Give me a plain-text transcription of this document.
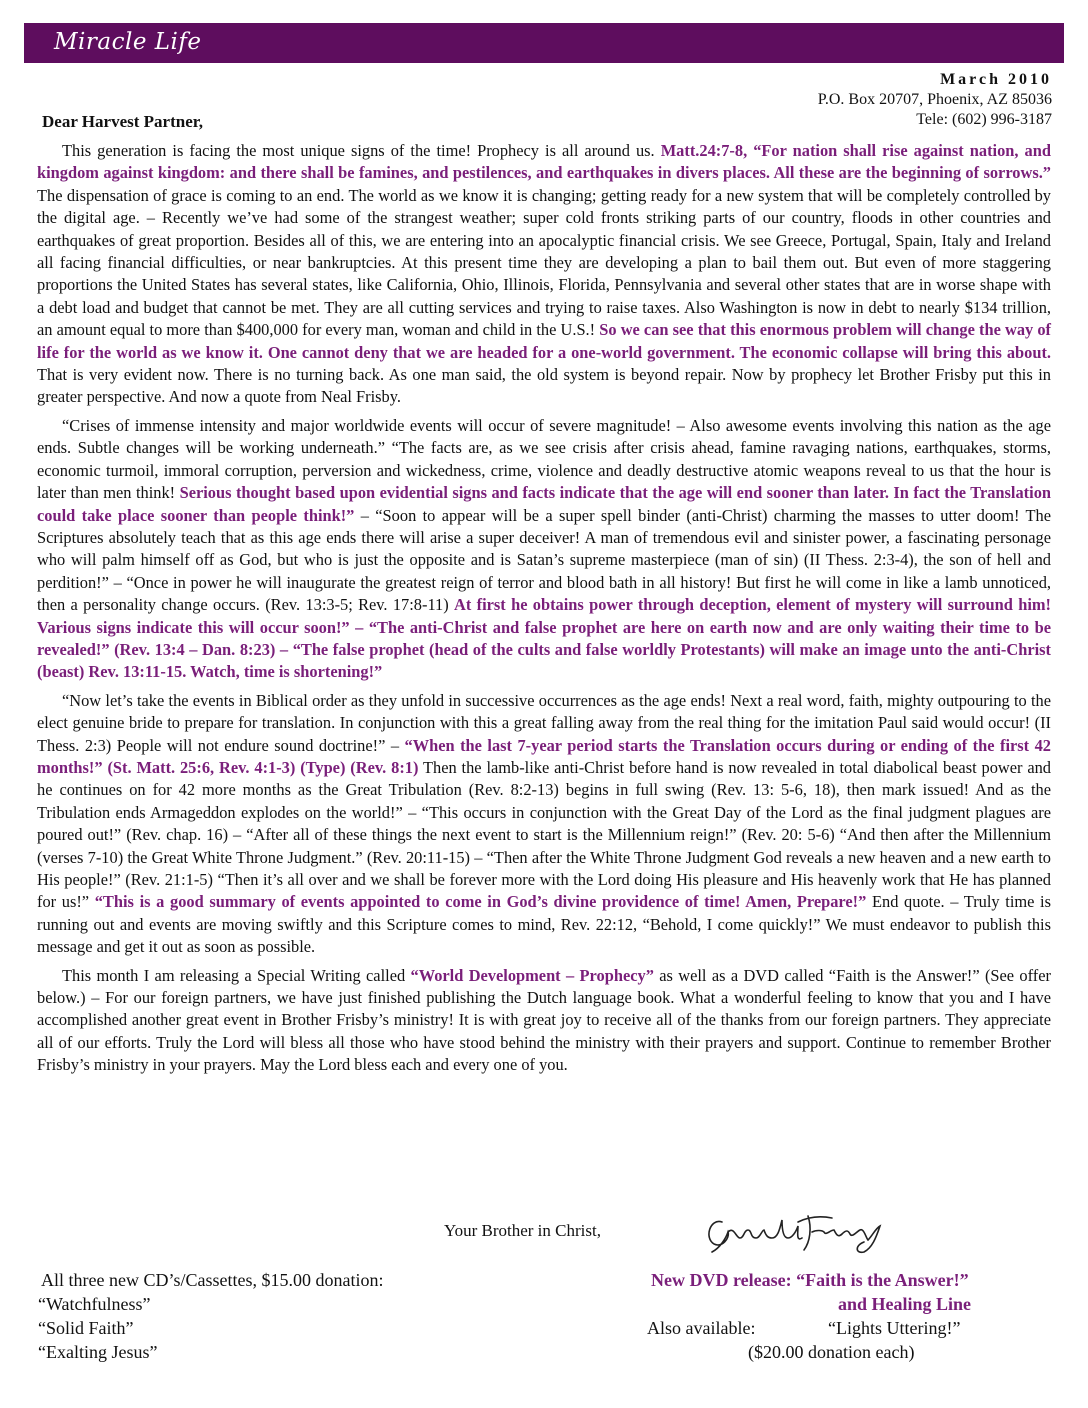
Miracle Life
March 2010
P.O. Box 20707, Phoenix, AZ 85036
Tele: (602) 996-3187
Dear Harvest Partner,

This generation is facing the most unique signs of the time! Prophecy is all around us. Matt.24:7-8, “For nation shall rise against nation, and kingdom against kingdom: and there shall be famines, and pestilences, and earthquakes in divers places. All these are the beginning of sorrows.” The dispensation of grace is coming to an end. The world as we know it is changing; getting ready for a new system that will be completely controlled by the digital age. – Recently we’ve had some of the strangest weather; super cold fronts striking parts of our country, floods in other countries and earthquakes of great proportion. Besides all of this, we are entering into an apocalyptic financial crisis. We see Greece, Portugal, Spain, Italy and Ireland all facing financial difficulties, or near bankruptcies. At this present time they are developing a plan to bail them out. But even of more staggering proportions the United States has several states, like California, Ohio, Illinois, Florida, Pennsylvania and several other states that are in worse shape with a debt load and budget that cannot be met. They are all cutting services and trying to raise taxes. Also Washington is now in debt to nearly $134 trillion, an amount equal to more than $400,000 for every man, woman and child in the U.S.! So we can see that this enormous problem will change the way of life for the world as we know it. One cannot deny that we are headed for a one-world government. The economic collapse will bring this about. That is very evident now. There is no turning back. As one man said, the old system is beyond repair. Now by prophecy let Brother Frisby put this in greater perspective. And now a quote from Neal Frisby.

“Crises of immense intensity and major worldwide events will occur of severe magnitude! – Also awesome events involving this nation as the age ends. Subtle changes will be working underneath.” “The facts are, as we see crisis after crisis ahead, famine ravaging nations, earthquakes, storms, economic turmoil, immoral corruption, perversion and wickedness, crime, violence and deadly destructive atomic weapons reveal to us that the hour is later than men think! Serious thought based upon evidential signs and facts indicate that the age will end sooner than later. In fact the Translation could take place sooner than people think!” – “Soon to appear will be a super spell binder (anti-Christ) charming the masses to utter doom! The Scriptures absolutely teach that as this age ends there will arise a super deceiver! A man of tremendous evil and sinister power, a fascinating personage who will palm himself off as God, but who is just the opposite and is Satan’s supreme masterpiece (man of sin) (II Thess. 2:3-4), the son of hell and perdition!” – “Once in power he will inaugurate the greatest reign of terror and blood bath in all history! But first he will come in like a lamb unnoticed, then a personality change occurs. (Rev. 13:3-5; Rev. 17:8-11) At first he obtains power through deception, element of mystery will surround him! Various signs indicate this will occur soon!” – “The anti-Christ and false prophet are here on earth now and are only waiting their time to be revealed!” (Rev. 13:4 – Dan. 8:23) – “The false prophet (head of the cults and false worldly Protestants) will make an image unto the anti-Christ (beast) Rev. 13:11-15. Watch, time is shortening!”

“Now let’s take the events in Biblical order as they unfold in successive occurrences as the age ends! Next a real word, faith, mighty outpouring to the elect genuine bride to prepare for translation. In conjunction with this a great falling away from the real thing for the imitation Paul said would occur! (II Thess. 2:3) People will not endure sound doctrine!” – “When the last 7-year period starts the Translation occurs during or ending of the first 42 months!” (St. Matt. 25:6, Rev. 4:1-3) (Type) (Rev. 8:1) Then the lamb-like anti-Christ before hand is now revealed in total diabolical beast power and he continues on for 42 more months as the Great Tribulation (Rev. 8:2-13) begins in full swing (Rev. 13: 5-6, 18), then mark issued! And as the Tribulation ends Armageddon explodes on the world!” – “This occurs in conjunction with the Great Day of the Lord as the final judgment plagues are poured out!” (Rev. chap. 16) – “After all of these things the next event to start is the Millennium reign!” (Rev. 20: 5-6) “And then after the Millennium (verses 7-10) the Great White Throne Judgment.” (Rev. 20:11-15) – “Then after the White Throne Judgment God reveals a new heaven and a new earth to His people!” (Rev. 21:1-5) “Then it’s all over and we shall be forever more with the Lord doing His pleasure and His heavenly work that He has planned for us!” “This is a good summary of events appointed to come in God’s divine providence of time! Amen, Prepare!” End quote. – Truly time is running out and events are moving swiftly and this Scripture comes to mind, Rev. 22:12, “Behold, I come quickly!” We must endeavor to publish this message and get it out as soon as possible.

This month I am releasing a Special Writing called “World Development – Prophecy” as well as a DVD called “Faith is the Answer!” (See offer below.) – For our foreign partners, we have just finished publishing the Dutch language book. What a wonderful feeling to know that you and I have accomplished another great event in Brother Frisby’s ministry! It is with great joy to receive all of the thanks from our foreign partners. They appreciate all of our efforts. Truly the Lord will bless all those who have stood behind the ministry with their prayers and support. Continue to remember Brother Frisby’s ministry in your prayers. May the Lord bless each and every one of you.

Your Brother in Christ,
All three new CD’s/Cassettes, $15.00 donation:
“Watchfulness”
“Solid Faith”
“Exalting Jesus”
New DVD release: “Faith is the Answer!”
and Healing Line
Also available:	“Lights Uttering!”
($20.00 donation each)
